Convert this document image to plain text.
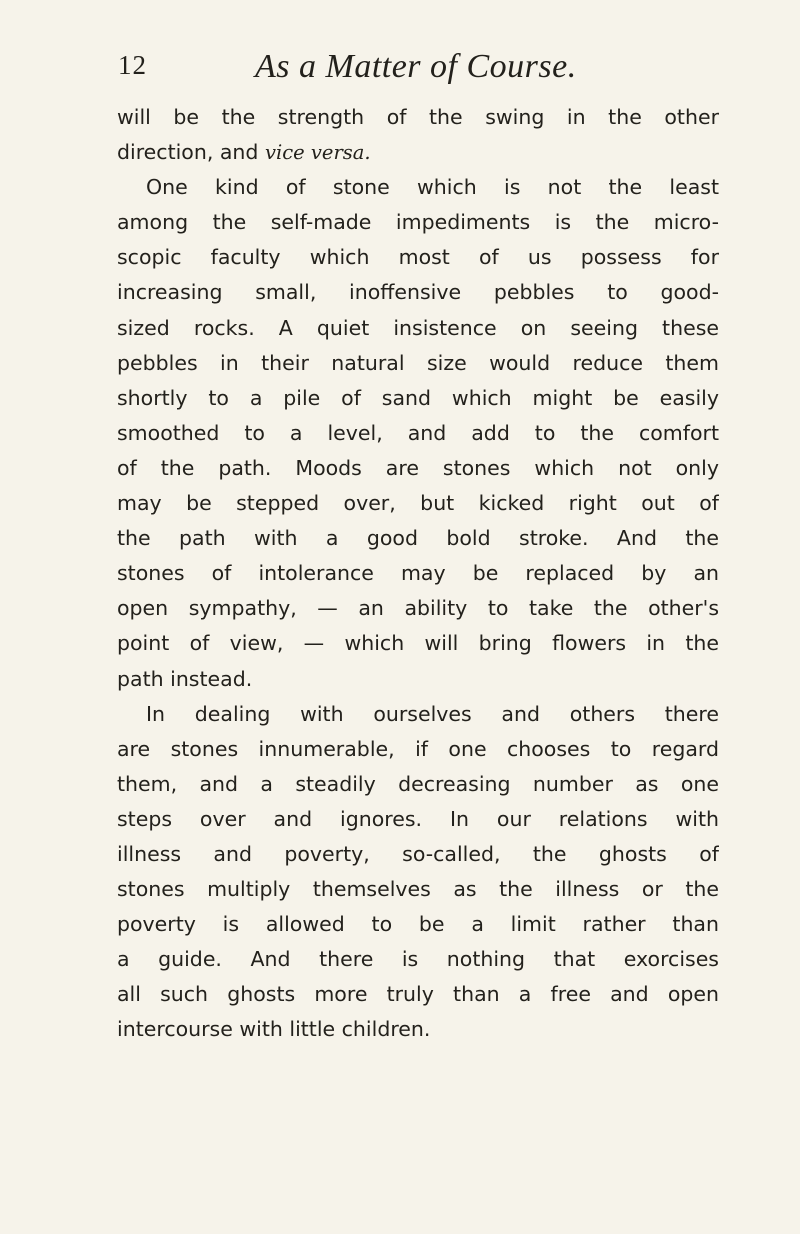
12	As a Matter of Course.
will be the strength of the swing in the other
direction, and vice versa.
One kind of stone which is not the least
among the self-made impediments is the micro-
scopic faculty which most of us possess for
increasing small, inoffensive pebbles to good-
sized rocks. A quiet insistence on seeing these
pebbles in their natural size would reduce them
shortly to a pile of sand which might be easily
smoothed to a level, and add to the comfort
of the path. Moods are stones which not only
may be stepped over, but kicked right out of
the path with a good bold stroke. And the
stones of intolerance may be replaced by an
open sympathy, — an ability to take the other's
point of view, — which will bring flowers in the
path instead.
In dealing with ourselves and others there
are stones innumerable, if one chooses to regard
them, and a steadily decreasing number as one
steps over and ignores. In our relations with
illness and poverty, so-called, the ghosts of
stones multiply themselves as the illness or the
poverty is allowed to be a limit rather than
a guide. And there is nothing that exorcises
all such ghosts more truly than a free and open
intercourse with little children.
